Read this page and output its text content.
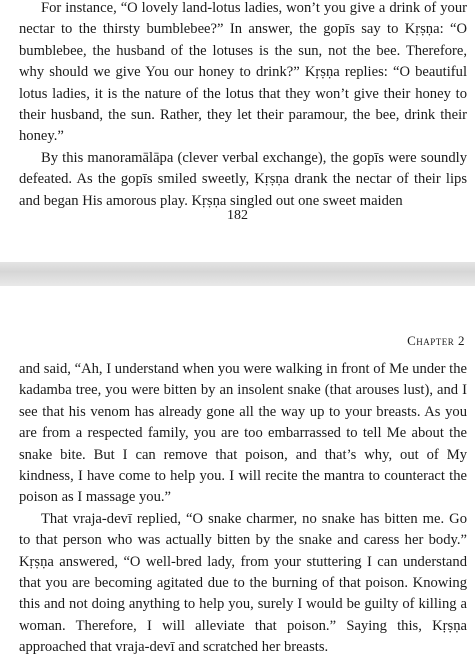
For instance, “O lovely land-lotus ladies, won’t you give a drink of your nectar to the thirsty bumblebee?” In answer, the gopīs say to Kṛṣṇa: “O bumblebee, the husband of the lotuses is the sun, not the bee. Therefore, why should we give You our honey to drink?” Kṛṣṇa replies: “O beautiful lotus ladies, it is the nature of the lotus that they won’t give their honey to their husband, the sun. Rather, they let their paramour, the bee, drink their honey.”

By this manoramālāpa (clever verbal exchange), the gopīs were soundly defeated. As the gopīs smiled sweetly, Kṛṣṇa drank the nectar of their lips and began His amorous play. Kṛṣṇa singled out one sweet maiden

182
Chapter 2

and said, “Ah, I understand when you were walking in front of Me under the kadamba tree, you were bitten by an insolent snake (that arouses lust), and I see that his venom has already gone all the way up to your breasts. As you are from a respected family, you are too embarrassed to tell Me about the snake bite. But I can remove that poison, and that’s why, out of My kindness, I have come to help you. I will recite the mantra to counteract the poison as I massage you.”

That vraja-devī replied, “O snake charmer, no snake has bitten me. Go to that person who was actually bitten by the snake and caress her body.” Kṛṣṇa answered, “O well-bred lady, from your stuttering I can understand that you are becoming agitated due to the burning of that poison. Knowing this and not doing anything to help you, surely I would be guilty of killing a woman. Therefore, I will alleviate that poison.” Saying this, Kṛṣṇa approached that vraja-devī and scratched her breasts.
